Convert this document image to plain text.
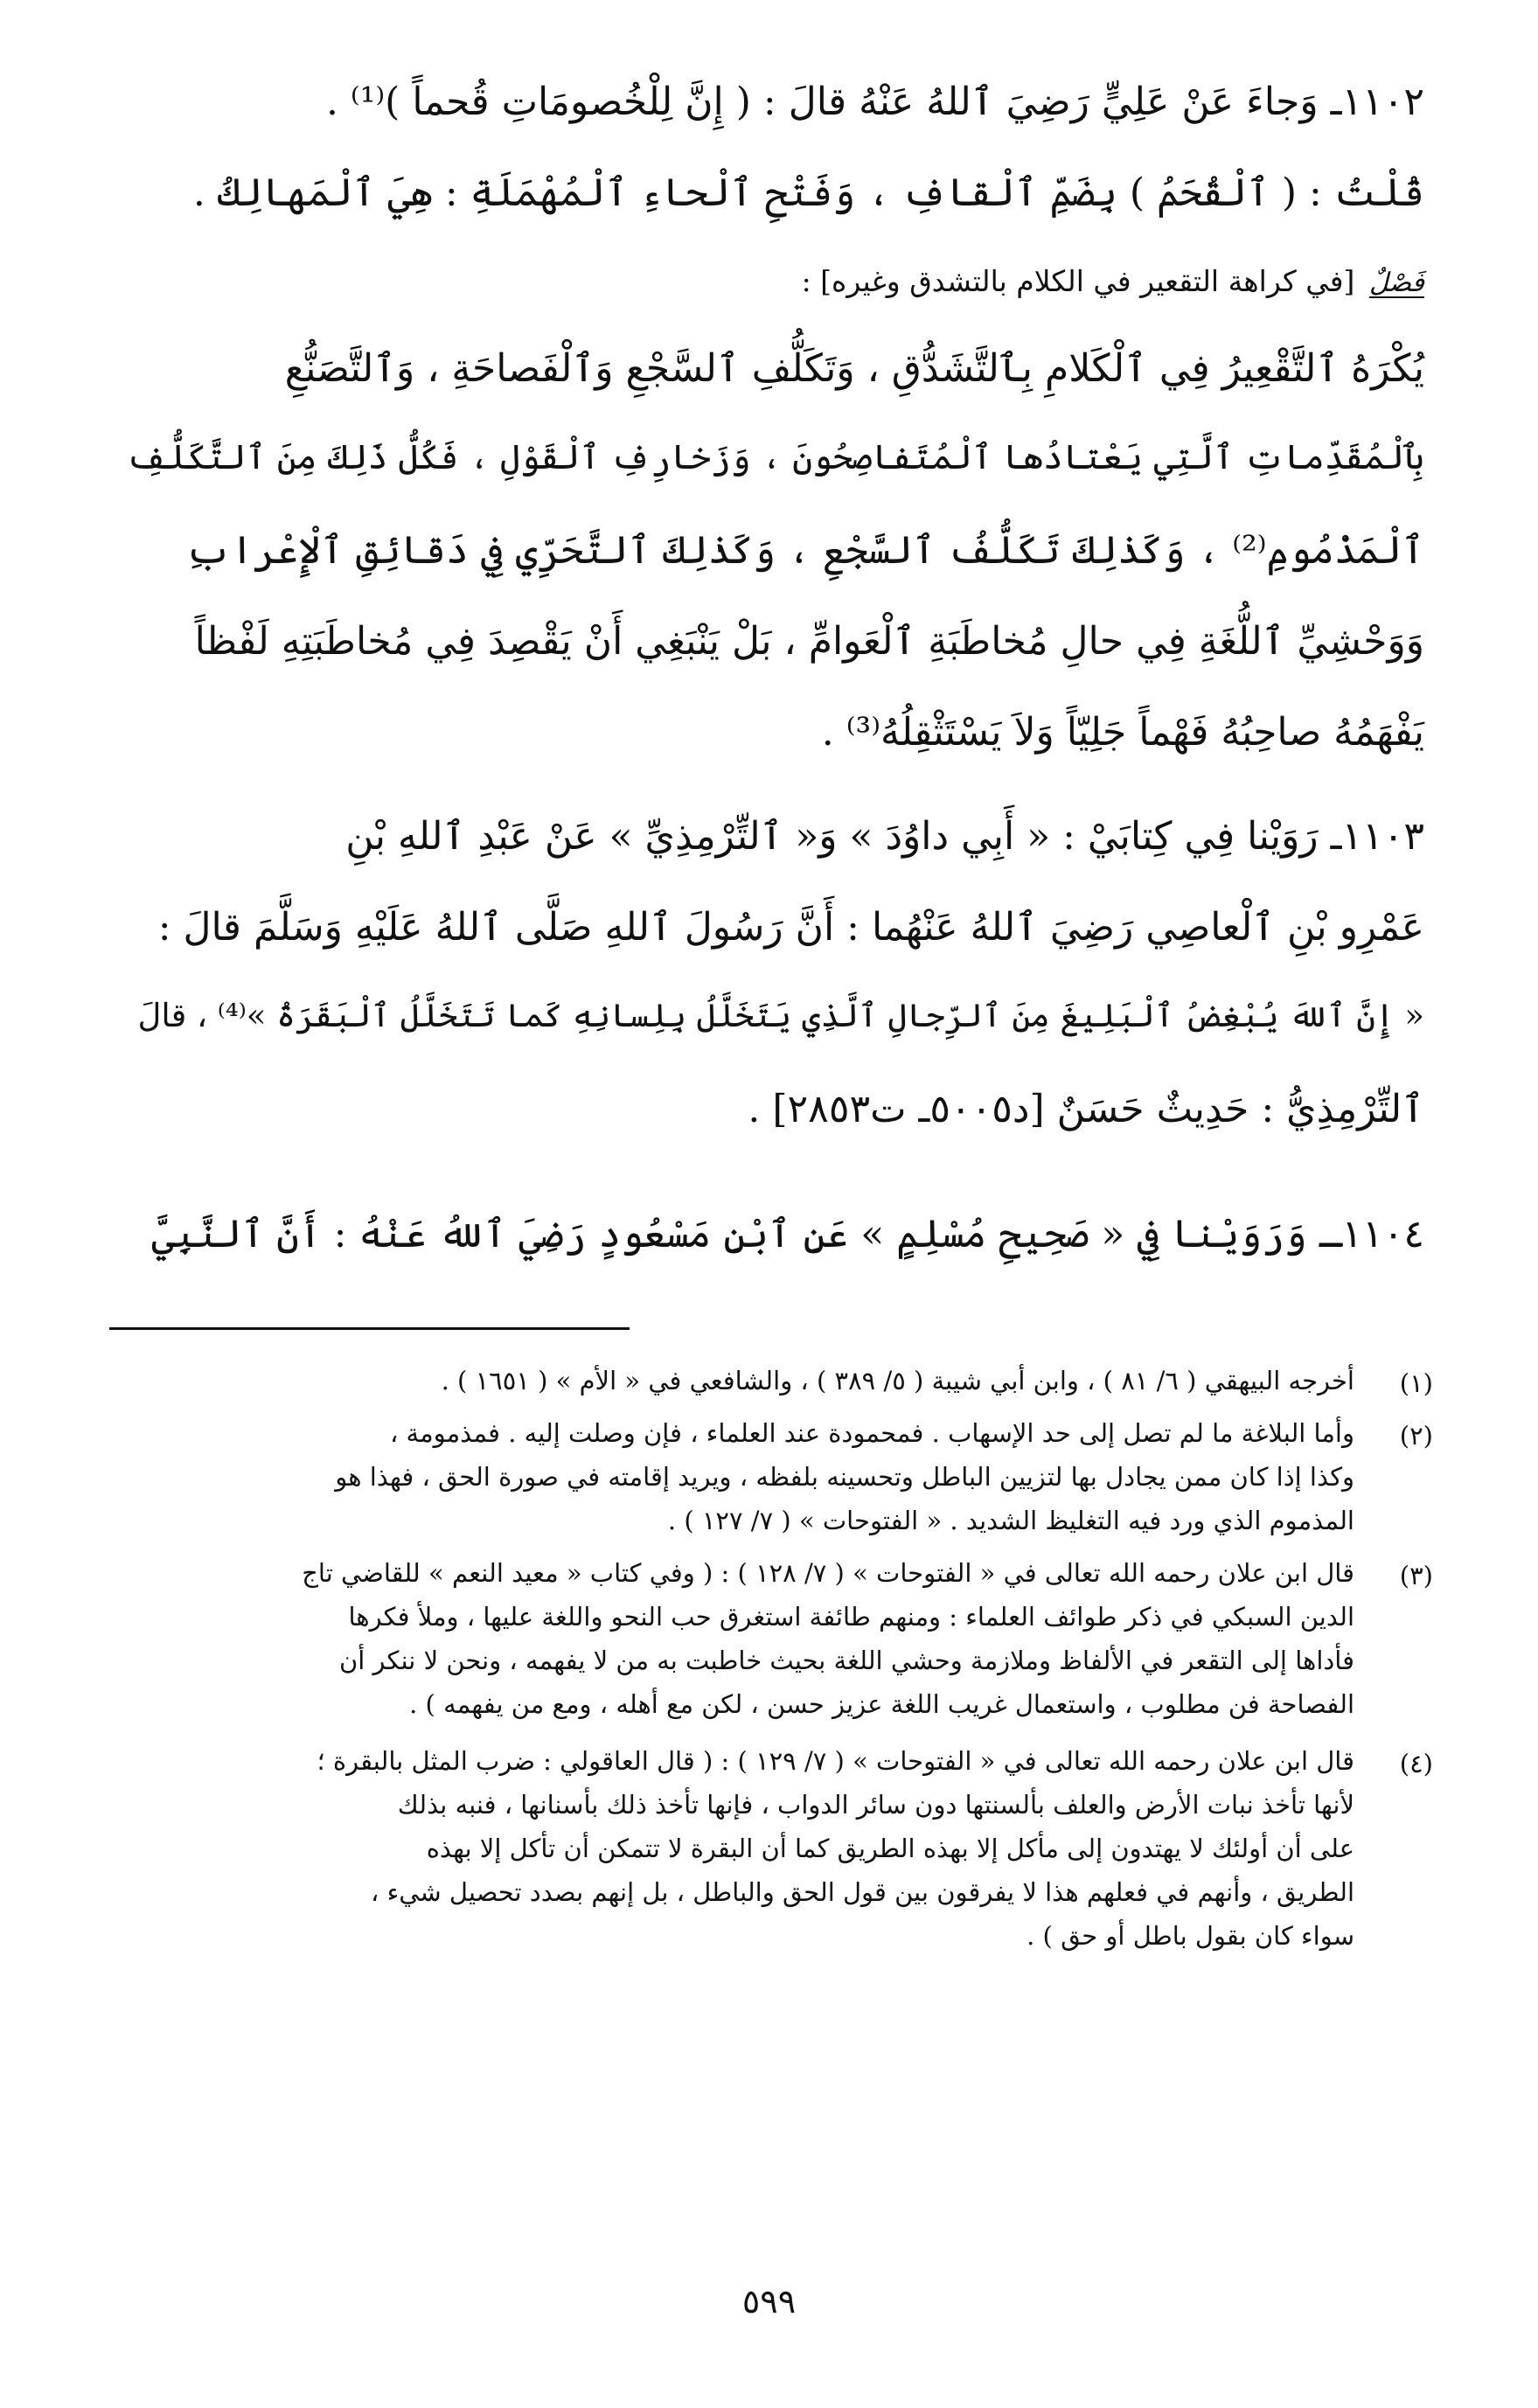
١١٠٢ـ وَجاءَ عَنْ عَلِيٍّ رَضِيَ ٱللهُ عَنْهُ قالَ : ( إِنَّ لِلْخُصومَاتِ قُحماً )⁽¹⁾ .
قُلْتُ : ( ٱلْقُحَمُ ) بِضَمِّ ٱلْقافِ ، وَفَتْحِ ٱلْحاءِ ٱلْمُهْمَلَةِ : هِيَ ٱلْمَهالِكُ .
فَصْلٌ [في كراهة التقعير في الكلام بالتشدق وغيره] :
يُكْرَهُ ٱلتَّقْعِيرُ فِي ٱلْكَلامِ بِٱلتَّشَدُّقِ ، وَتَكَلُّفِ ٱلسَّجْعِ وَٱلْفَصاحَةِ ، وَٱلتَّصَنُّعِ
بِٱلْمُقَدِّماتِ ٱلَّتِي يَعْتادُها ٱلْمُتَفاصِحُونَ ، وَزَخارِفِ ٱلْقَوْلِ ، فَكُلُّ ذَلِكَ مِنَ ٱلتَّكَلُّفِ
ٱلْمَذْمُومِ⁽²⁾ ، وَكَذٰلِكَ تَكَلُّفُ ٱلسَّجْعِ ، وَكَذٰلِكَ ٱلتَّحَرِّي فِي دَقائِقِ ٱلْإِعْرابِ
وَوَحْشِيِّ ٱللُّغَةِ فِي حالِ مُخاطَبَةِ ٱلْعَوامِّ ، بَلْ يَنْبَغِي أَنْ يَقْصِدَ فِي مُخاطَبَتِهِ لَفْظاً
يَفْهَمُهُ صاحِبُهُ فَهْماً جَلِيّاً وَلاَ يَسْتَثْقِلُهُ⁽³⁾ .
١١٠٣ـ رَوَيْنا فِي كِتابَيْ : « أَبِي داوُدَ » وَ« ٱلتِّرْمِذِيِّ » عَنْ عَبْدِ ٱللهِ بْنِ
عَمْرِو بْنِ ٱلْعاصِي رَضِيَ ٱللهُ عَنْهُما : أَنَّ رَسُولَ ٱللهِ صَلَّى ٱللهُ عَلَيْهِ وَسَلَّمَ قالَ :
« إِنَّ ٱللهَ يُبْغِضُ ٱلْبَلِيغَ مِنَ ٱلرِّجالِ ٱلَّذِي يَتَخَلَّلُ بِلِسانِهِ كَما تَتَخَلَّلُ ٱلْبَقَرَةُ »⁽⁴⁾ ، قالَ
ٱلتِّرْمِذِيُّ : حَدِيثٌ حَسَنٌ [د٥٠٠٥ـ ت٢٨٥٣] .
١١٠٤ـ وَرَوَيْنا فِي « صَحِيحِ مُسْلِمٍ » عَنِ ٱبْنِ مَسْعُودٍ رَضِيَ ٱللهُ عَنْهُ : أَنَّ ٱلنَّبِيَّ
(١)
أخرجه البيهقي ( ٦/ ٨١ ) ، وابن أبي شيبة ( ٥/ ٣٨٩ ) ، والشافعي في « الأم » ( ١٦٥١ ) .
(٢)
وأما البلاغة ما لم تصل إلى حد الإسهاب . فمحمودة عند العلماء ، فإن وصلت إليه . فمذمومة ،
وكذا إذا كان ممن يجادل بها لتزيين الباطل وتحسينه بلفظه ، ويريد إقامته في صورة الحق ، فهذا هو
المذموم الذي ورد فيه التغليظ الشديد . « الفتوحات » ( ٧/ ١٢٧ ) .
(٣)
قال ابن علان رحمه الله تعالى في « الفتوحات » ( ٧/ ١٢٨ ) : ( وفي كتاب « معيد النعم » للقاضي تاج
الدين السبكي في ذكر طوائف العلماء : ومنهم طائفة استغرق حب النحو واللغة عليها ، وملأ فكرها
فأداها إلى التقعر في الألفاظ وملازمة وحشي اللغة بحيث خاطبت به من لا يفهمه ، ونحن لا ننكر أن
الفصاحة فن مطلوب ، واستعمال غريب اللغة عزيز حسن ، لكن مع أهله ، ومع من يفهمه ) .
(٤)
قال ابن علان رحمه الله تعالى في « الفتوحات » ( ٧/ ١٢٩ ) : ( قال العاقولي : ضرب المثل بالبقرة ؛
لأنها تأخذ نبات الأرض والعلف بألسنتها دون سائر الدواب ، فإنها تأخذ ذلك بأسنانها ، فنبه بذلك
على أن أولئك لا يهتدون إلى مأكل إلا بهذه الطريق كما أن البقرة لا تتمكن أن تأكل إلا بهذه
الطريق ، وأنهم في فعلهم هذا لا يفرقون بين قول الحق والباطل ، بل إنهم بصدد تحصيل شيء ،
سواء كان بقول باطل أو حق ) .
٥٩٩
